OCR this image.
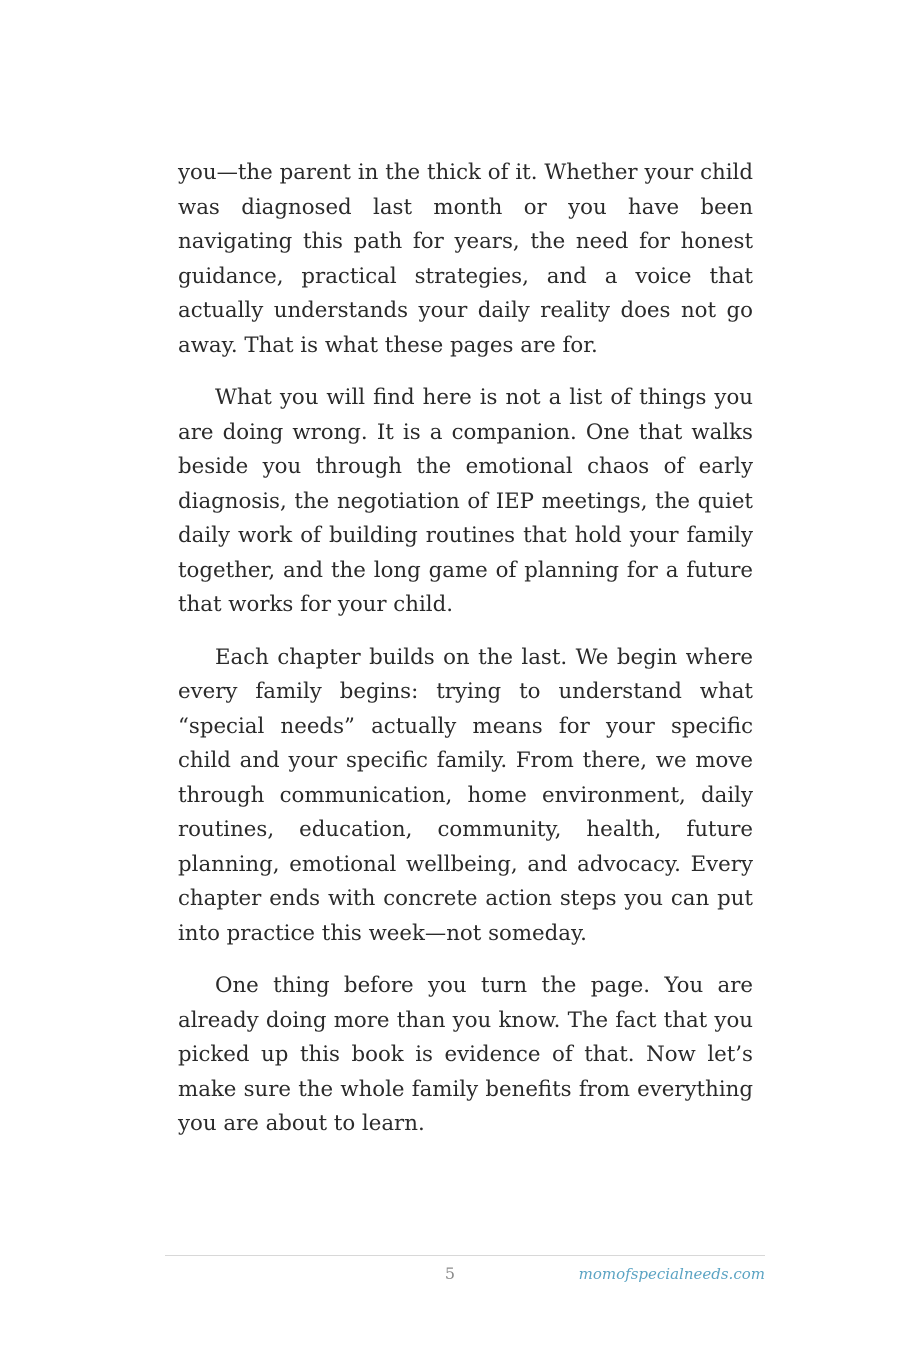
you—the parent in the thick of it. Whether your child was diagnosed last month or you have been navigating this path for years, the need for honest guidance, practical strategies, and a voice that actually understands your daily reality does not go away. That is what these pages are for.

What you will find here is not a list of things you are doing wrong. It is a companion. One that walks beside you through the emotional chaos of early diagnosis, the negotiation of IEP meetings, the quiet daily work of building routines that hold your family together, and the long game of planning for a future that works for your child.

Each chapter builds on the last. We begin where every family begins: trying to understand what “special needs” actually means for your specific child and your specific family. From there, we move through communication, home environment, daily routines, education, community, health, future planning, emotional wellbeing, and advocacy. Every chapter ends with concrete action steps you can put into practice this week—not someday.

One thing before you turn the page. You are already doing more than you know. The fact that you picked up this book is evidence of that. Now let’s make sure the whole family benefits from everything you are about to learn.

5	momofspecialneeds.com
